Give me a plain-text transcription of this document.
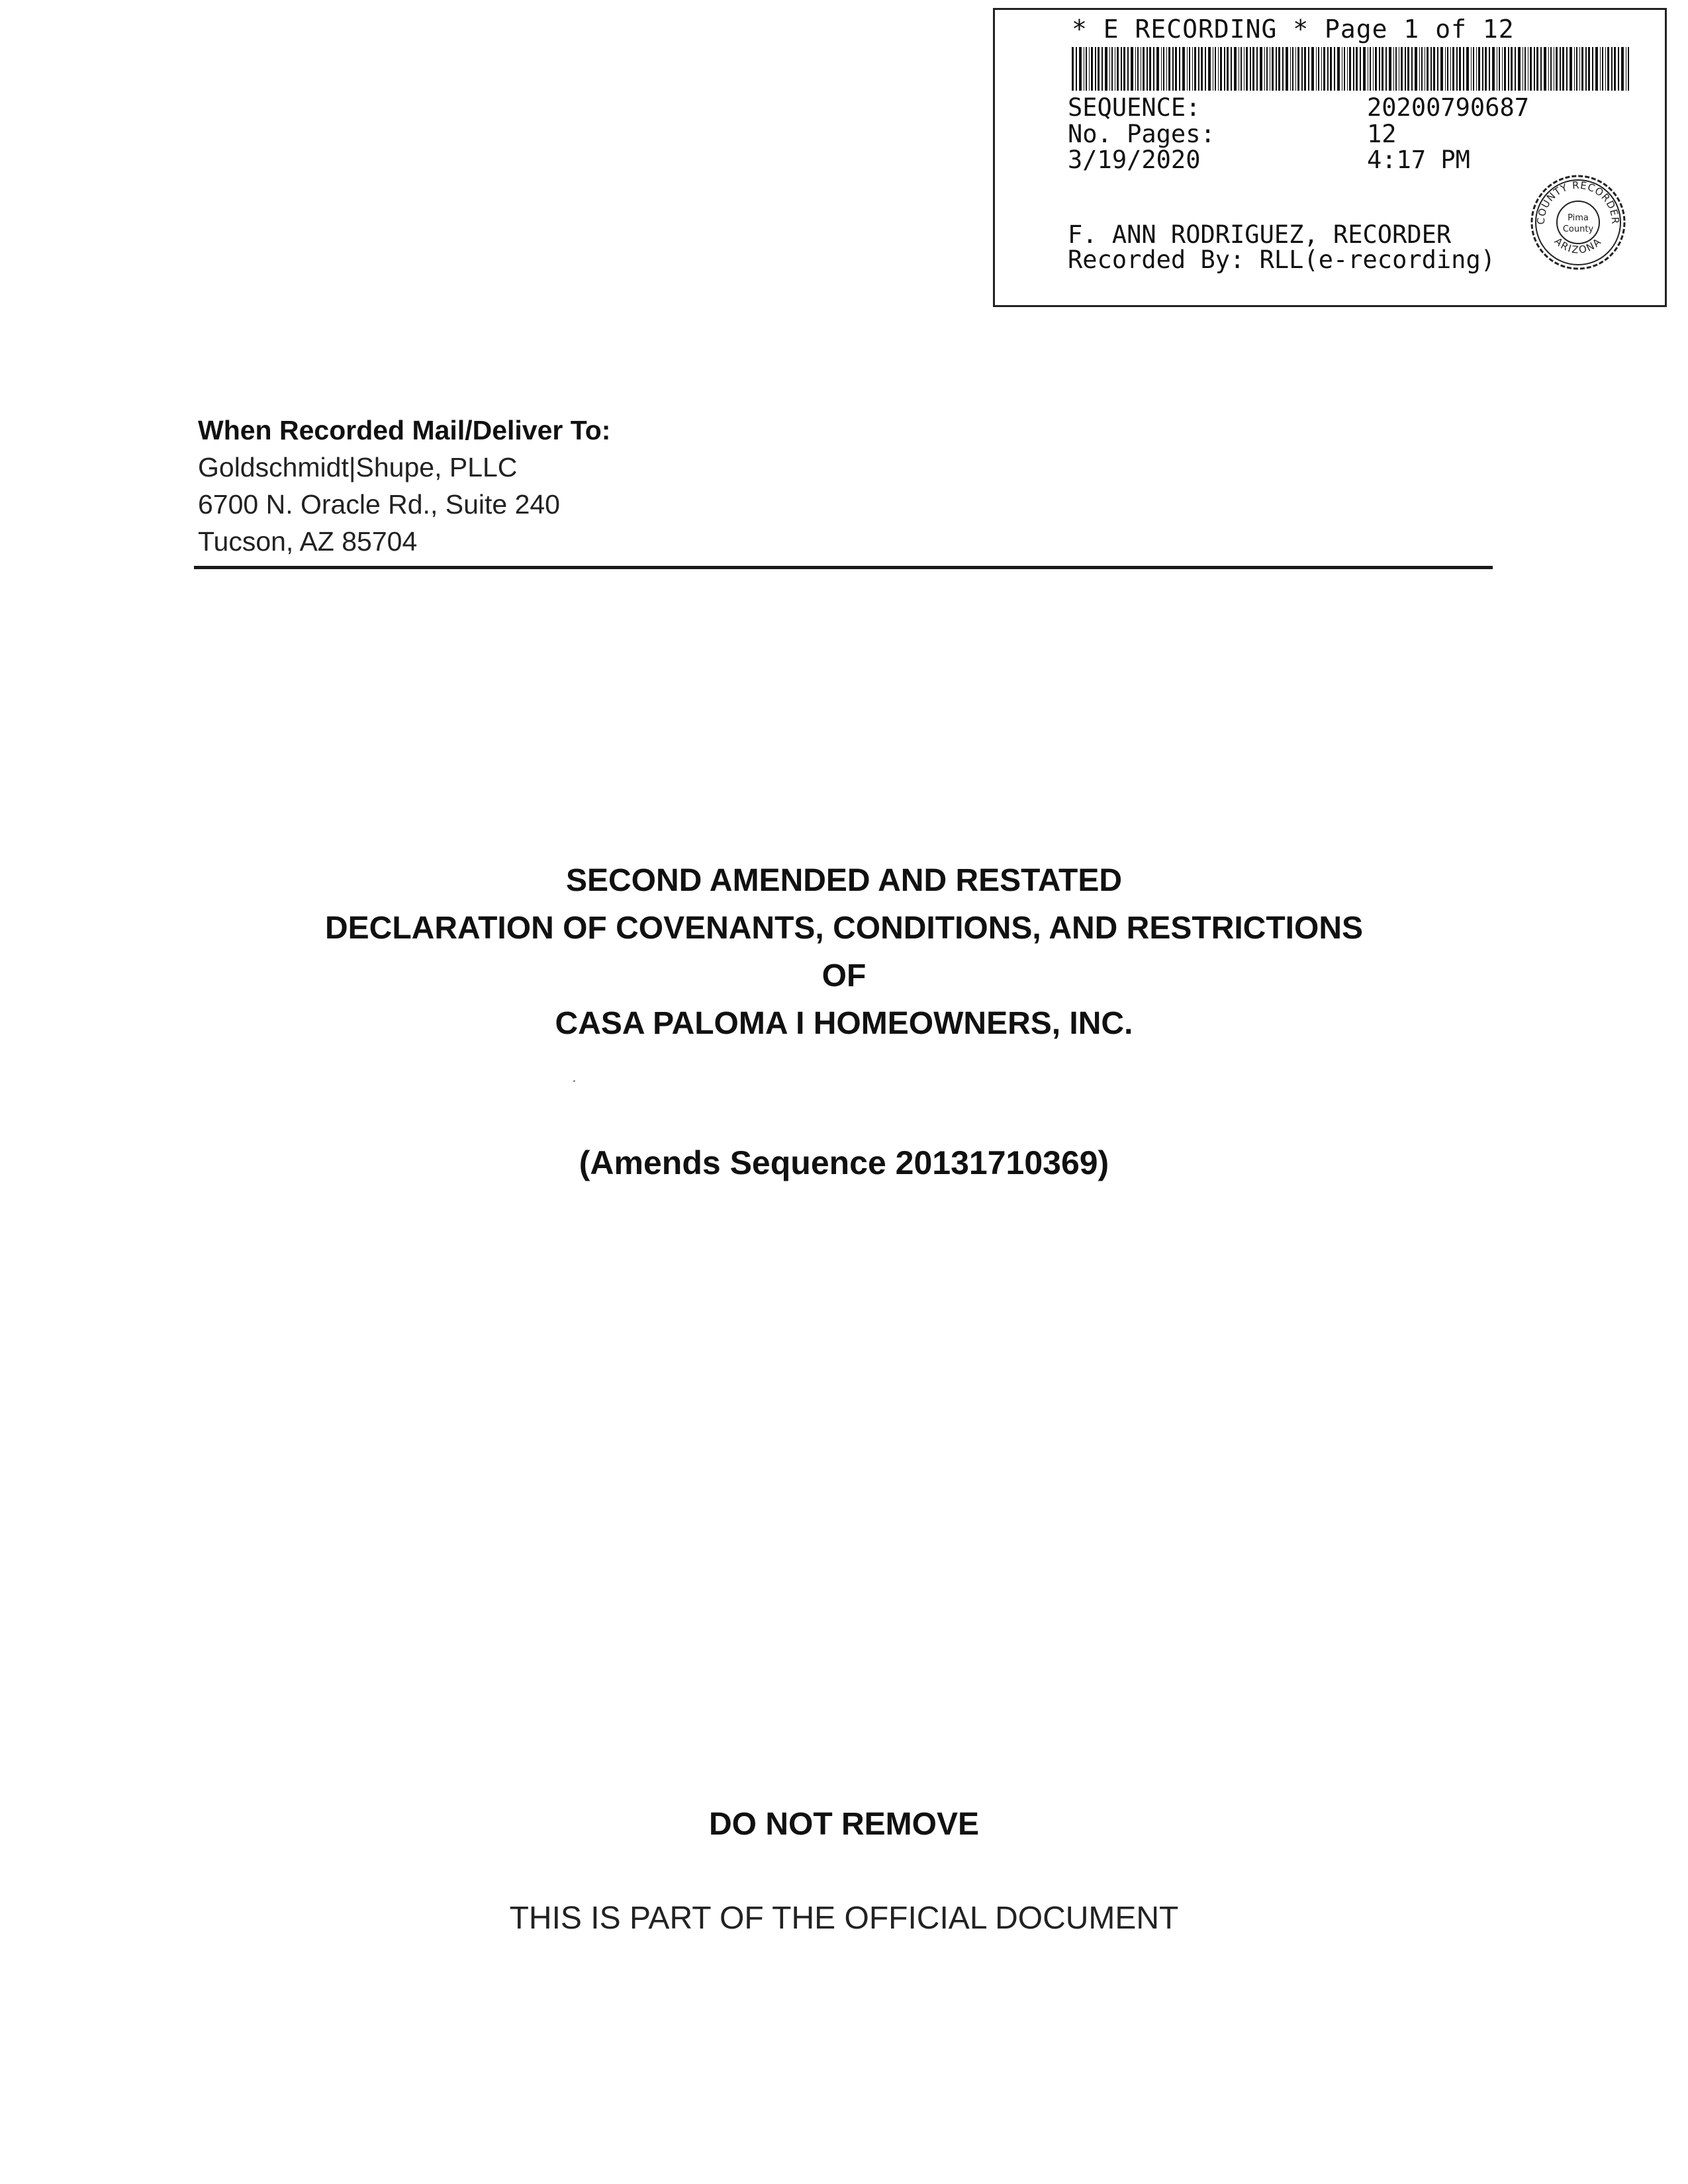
* E RECORDING * Page 1 of 12
SEQUENCE:	20200790687
No. Pages:	12
3/19/2020	4:17 PM
F. ANN RODRIGUEZ, RECORDER
Recorded By: RLL(e-recording)
COUNTY RECORDER
ARIZONA
Pima
County
When Recorded Mail/Deliver To:
Goldschmidt|Shupe, PLLC
6700 N. Oracle Rd., Suite 240
Tucson, AZ 85704
SECOND AMENDED AND RESTATED
DECLARATION OF COVENANTS, CONDITIONS, AND RESTRICTIONS
OF
CASA PALOMA I HOMEOWNERS, INC.
(Amends Sequence 20131710369)
DO NOT REMOVE
THIS IS PART OF THE OFFICIAL DOCUMENT
